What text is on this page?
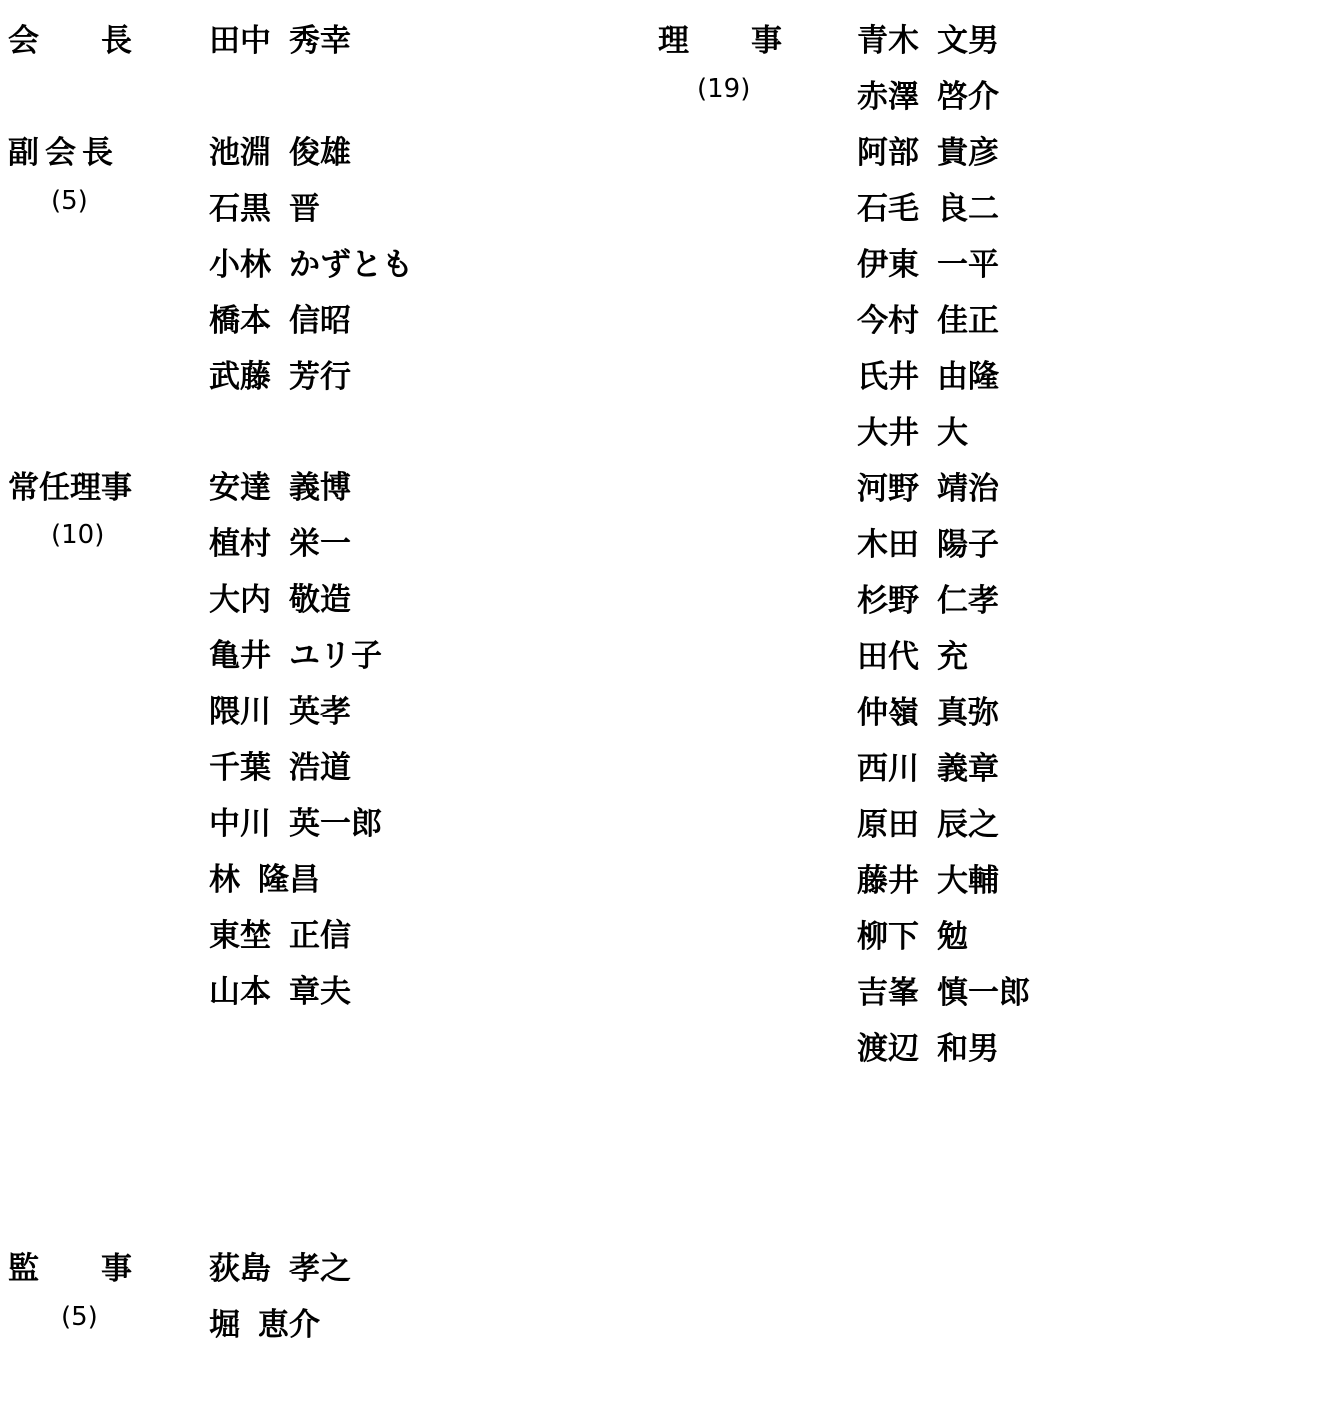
会　　長 田中 秀幸
副会長
(5)
池淵 俊雄
石黒 晋
小林 かずとも
橋本 信昭
武藤 芳行
常任理事
(10)
安達 義博
植村 栄一
大内 敬造
亀井 ユリ子
隈川 英孝
千葉 浩道
中川 英一郎
林 隆昌
東埜 正信
山本 章夫
理　　事
(19)
青木 文男
赤澤 啓介
阿部 貴彦
石毛 良二
伊東 一平
今村 佳正
氏井 由隆
大井 大
河野 靖治
木田 陽子
杉野 仁孝
田代 充
仲嶺 真弥
西川 義章
原田 辰之
藤井 大輔
柳下 勉
吉峯 慎一郎
渡辺 和男
監　　事
(5)
荻島 孝之
堀 恵介
